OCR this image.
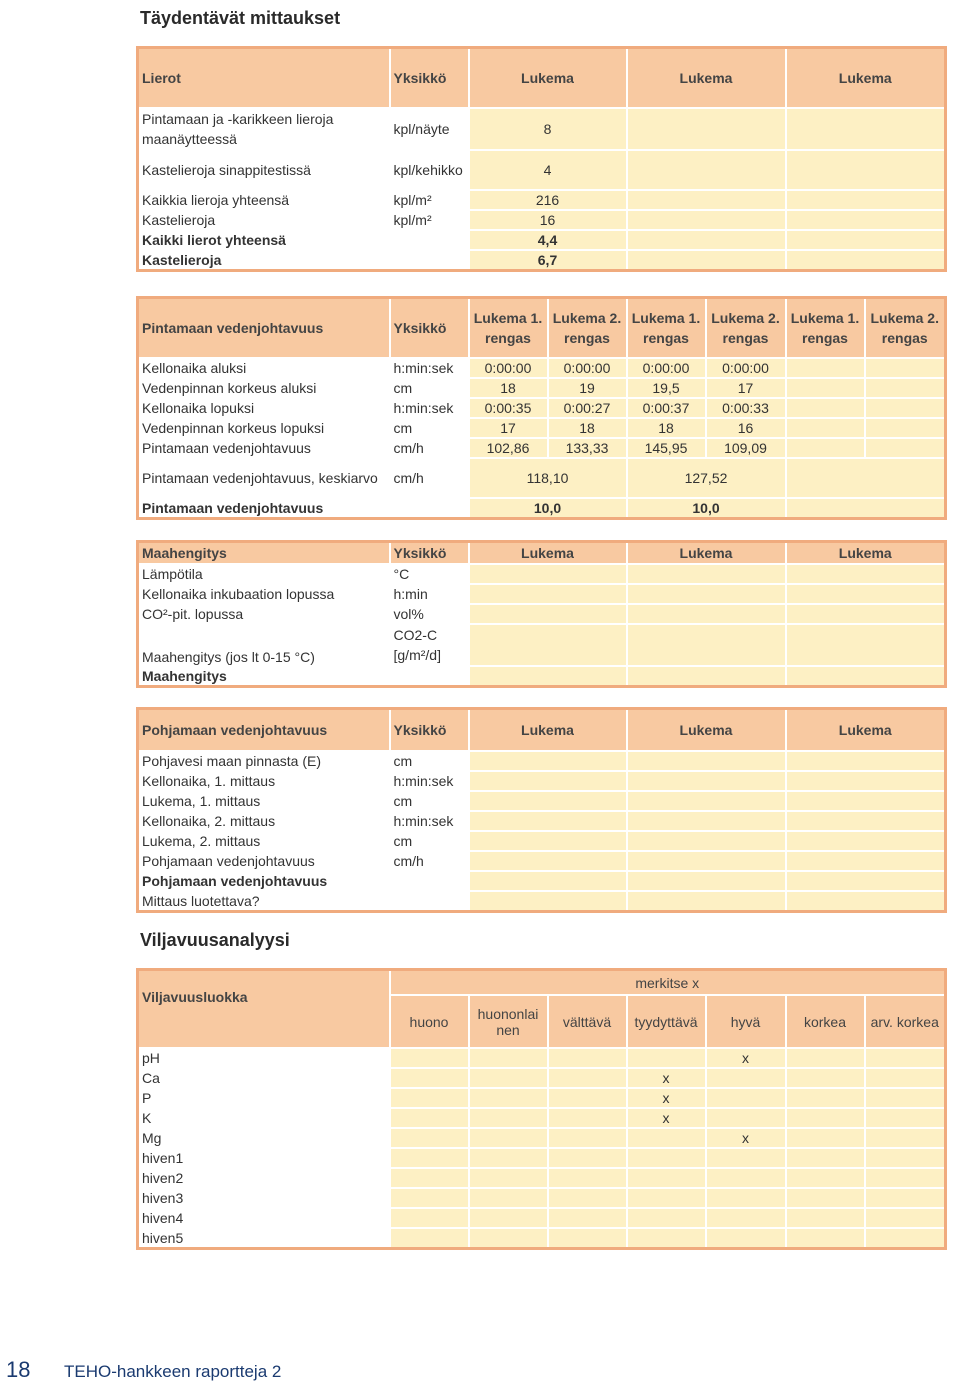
Täydentävät mittaukset
Lierot	Yksikkö	Lukema	Lukema	Lukema
Pintamaan ja -karikkeen lieroja maanäytteessä	kpl/näyte	8		
Kastelieroja sinappitestissä	kpl/kehikko	4		
Kaikkia lieroja yhteensä	kpl/m²	216		
Kastelieroja	kpl/m²	16		
Kaikki lierot yhteensä		4,4		
Kastelieroja		6,7		
Pintamaan vedenjohtavuus	Yksikkö	Lukema 1. rengas	Lukema 2. rengas	Lukema 1. rengas	Lukema 2. rengas	Lukema 1. rengas	Lukema 2. rengas
Kellonaika aluksi	h:min:sek	0:00:00	0:00:00	0:00:00	0:00:00		
Vedenpinnan korkeus aluksi	cm	18	19	19,5	17		
Kellonaika lopuksi	h:min:sek	0:00:35	0:00:27	0:00:37	0:00:33		
Vedenpinnan korkeus lopuksi	cm	17	18	18	16		
Pintamaan vedenjohtavuus	cm/h	102,86	133,33	145,95	109,09		
Pintamaan vedenjohtavuus, keskiarvo	cm/h	118,10		127,52			
Pintamaan vedenjohtavuus		10,0		10,0			
Maahengitys	Yksikkö	Lukema	Lukema	Lukema
Lämpötila	°C			
Kellonaika inkubaation lopussa	h:min			
CO²-pit. lopussa	vol%			
Maahengitys (jos lt 0-15 °C)	CO2-C [g/m²/d]			
Maahengitys				
Pohjamaan vedenjohtavuus	Yksikkö	Lukema	Lukema	Lukema
Pohjavesi maan pinnasta (E)	cm			
Kellonaika, 1. mittaus	h:min:sek			
Lukema, 1. mittaus	cm			
Kellonaika, 2. mittaus	h:min:sek			
Lukema, 2. mittaus	cm			
Pohjamaan vedenjohtavuus	cm/h			
Pohjamaan vedenjohtavuus				
Mittaus luotettava?				
Viljavuusanalyysi
Viljavuusluokka	merkitse x						
	huono	huononlai nen	välttävä	tyydyttävä	hyvä	korkea	arv. korkea
pH					x		
Ca				x			
P				x			
K				x			
Mg					x		
hiven1							
hiven2							
hiven3							
hiven4							
hiven5							
18 TEHO-hankkeen raportteja 2
